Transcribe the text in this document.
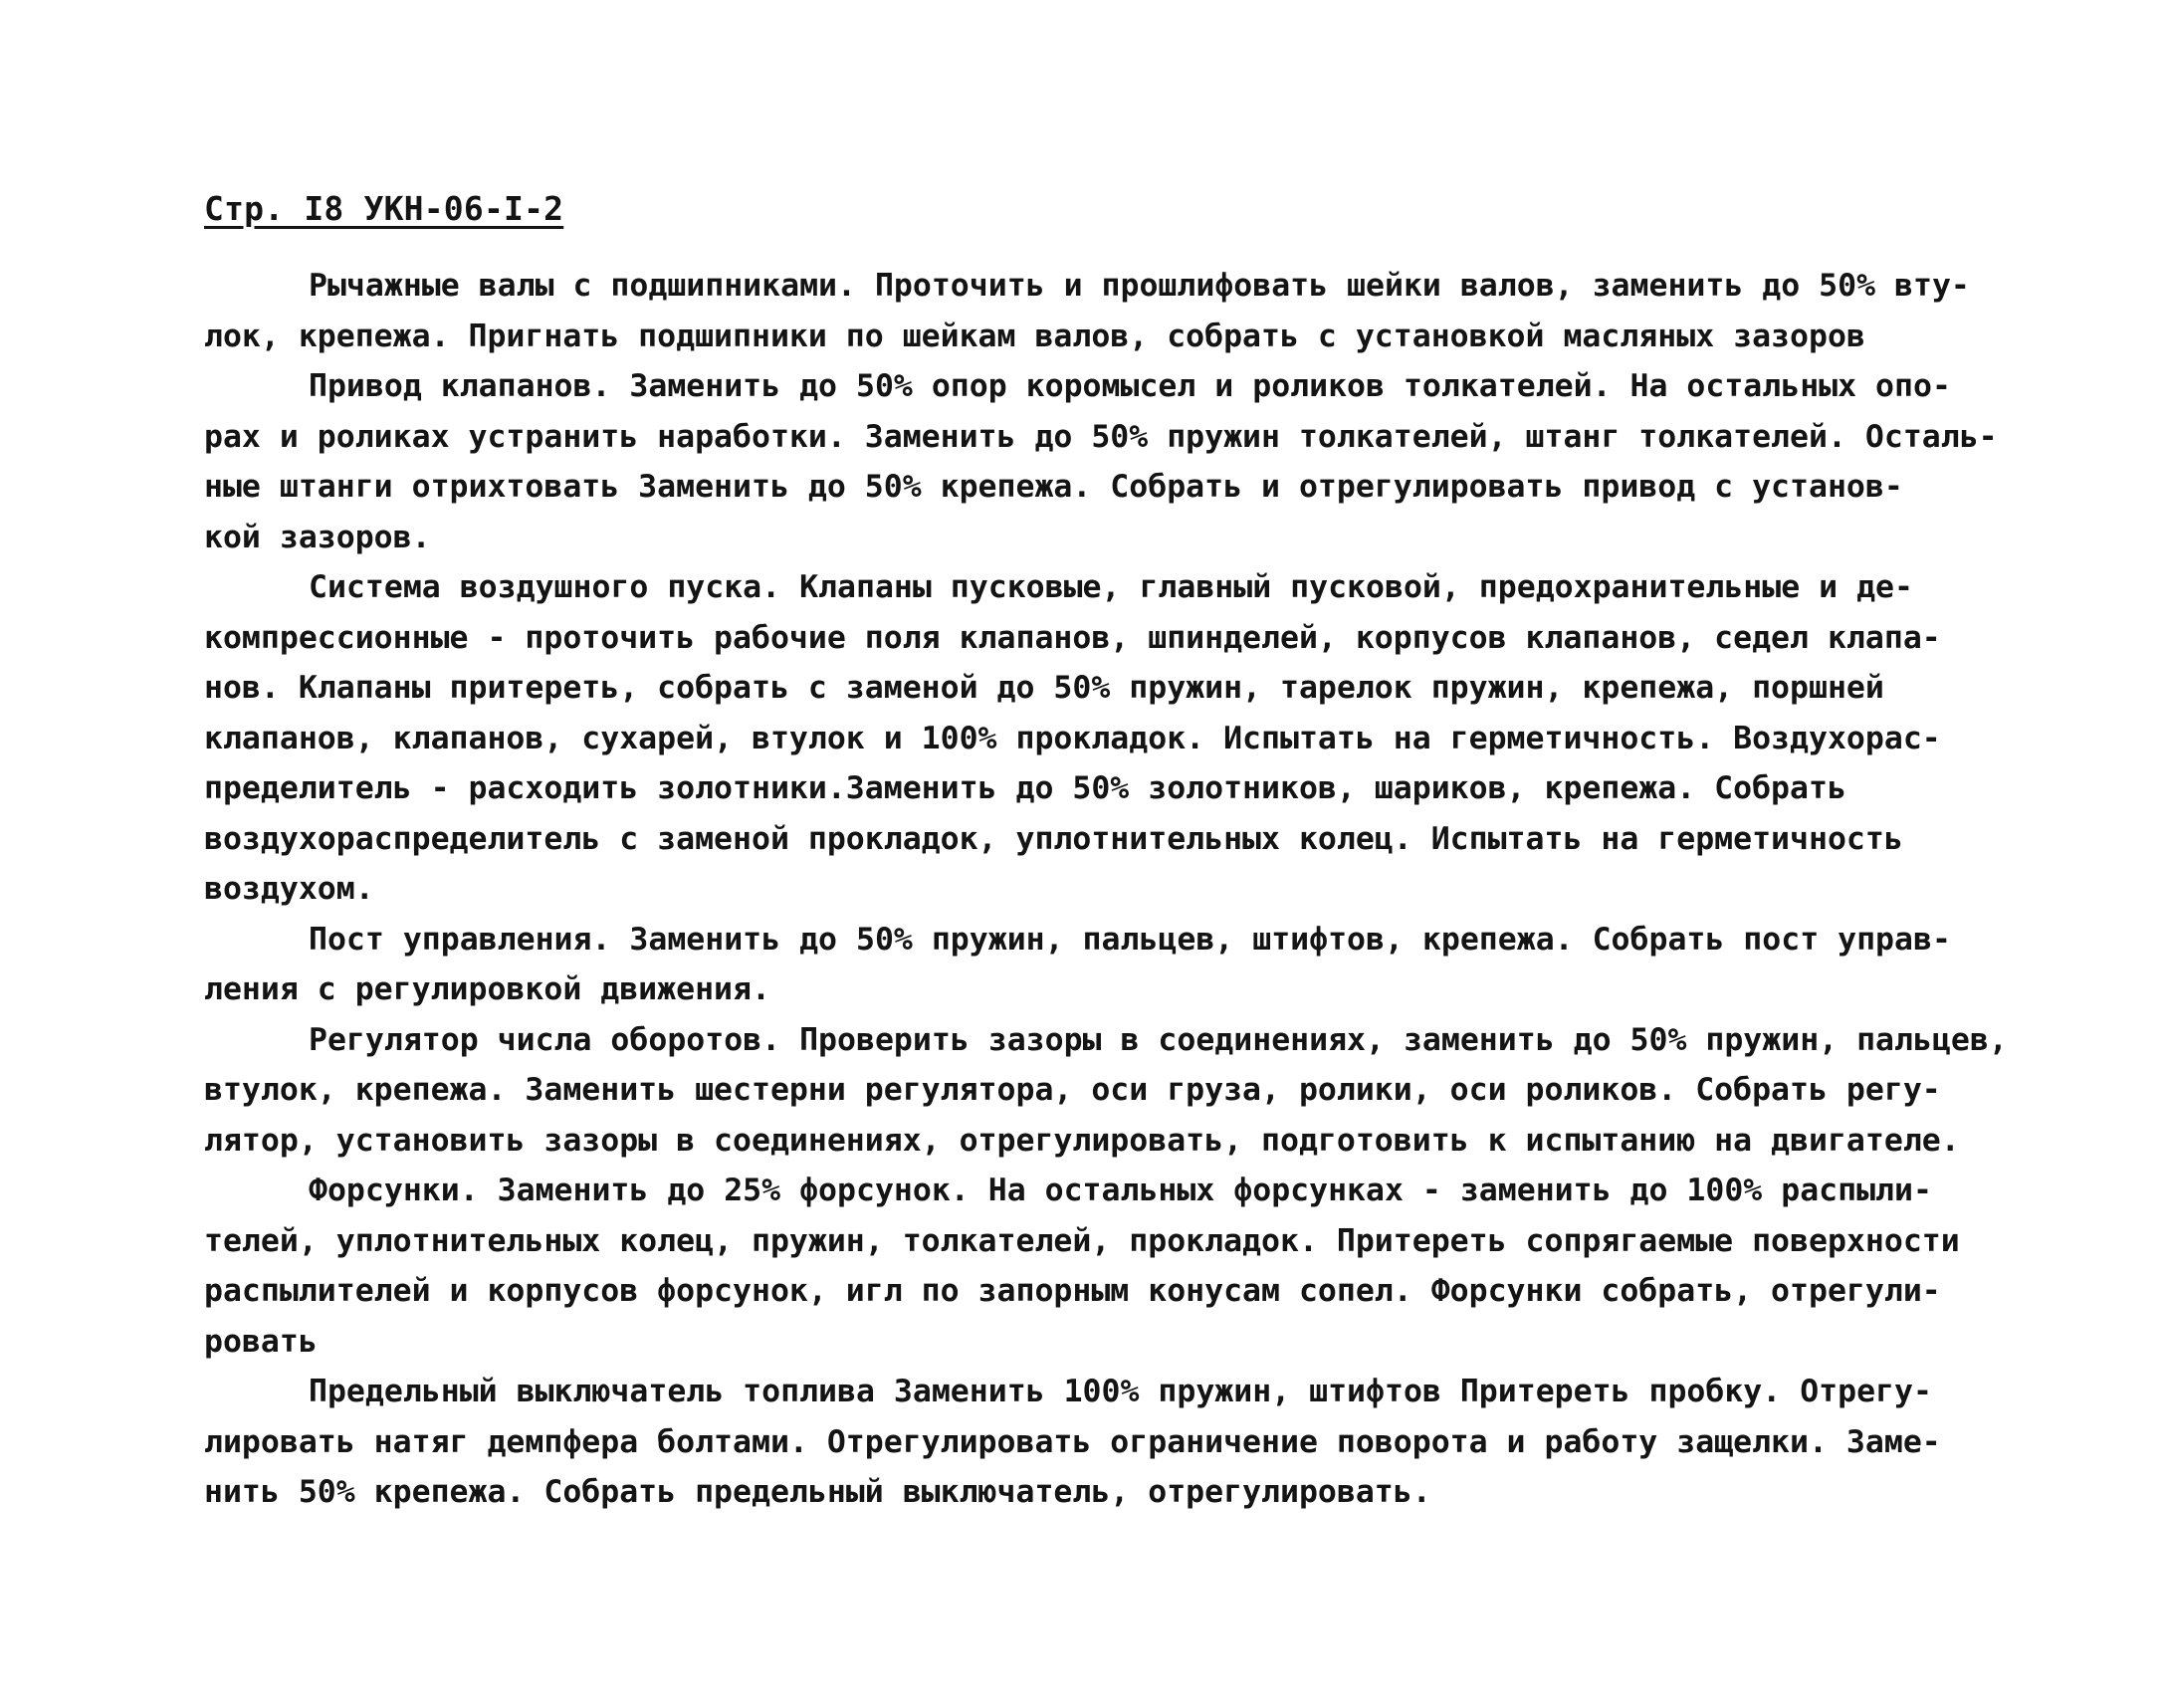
Стр. I8 УКН-06-I-2

Рычажные валы с подшипниками. Проточить и прошлифовать шейки валов, заменить до 50% вту-
лок, крепежа. Пригнать подшипники по шейкам валов, собрать с установкой масляных зазоров

Привод клапанов. Заменить до 50% опор коромысел и роликов толкателей. На остальных опо-
рах и роликах устранить наработки. Заменить до 50% пружин толкателей, штанг толкателей. Осталь-
ные штанги отрихтовать Заменить до 50% крепежа. Собрать и отрегулировать привод с установ-
кой зазоров.

Система воздушного пуска. Клапаны пусковые, главный пусковой, предохранительные и де-
компрессионные - проточить рабочие поля клапанов, шпинделей, корпусов клапанов, седел клапа-
нов. Клапаны притереть, собрать с заменой до 50% пружин, тарелок пружин, крепежа, поршней
клапанов, клапанов, сухарей, втулок и 100% прокладок. Испытать на герметичность. Воздухорас-
пределитель - расходить золотники.Заменить до 50% золотников, шариков, крепежа. Собрать
воздухораспределитель с заменой прокладок, уплотнительных колец. Испытать на герметичность
воздухом.

Пост управления. Заменить до 50% пружин, пальцев, штифтов, крепежа. Собрать пост управ-
ления с регулировкой движения.

Регулятор числа оборотов. Проверить зазоры в соединениях, заменить до 50% пружин, пальцев,
втулок, крепежа. Заменить шестерни регулятора, оси груза, ролики, оси роликов. Собрать регу-
лятор, установить зазоры в соединениях, отрегулировать, подготовить к испытанию на двигателе.

Форсунки. Заменить до 25% форсунок. На остальных форсунках - заменить до 100% распыли-
телей, уплотнительных колец, пружин, толкателей, прокладок. Притереть сопрягаемые поверхности
распылителей и корпусов форсунок, игл по запорным конусам сопел. Форсунки собрать, отрегули-
ровать

Предельный выключатель топлива Заменить 100% пружин, штифтов Притереть пробку. Отрегу-
лировать натяг демпфера болтами. Отрегулировать ограничение поворота и работу защелки. Заме-
нить 50% крепежа. Собрать предельный выключатель, отрегулировать.
